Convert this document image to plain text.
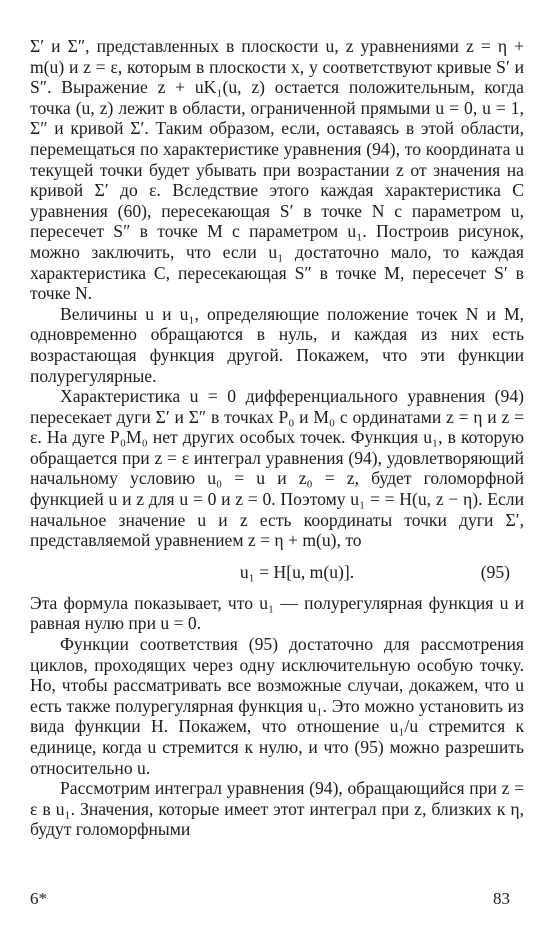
Σ′ и Σ″, представленных в плоскости u, z уравнениями z = η + m(u) и z = ε, которым в плоскости x, y соответствуют кривые S′ и S″. Выражение z + uK₁(u, z) остается положительным, когда точка (u, z) лежит в области, ограниченной прямыми u = 0, u = 1, Σ″ и кривой Σ′. Таким образом, если, оставаясь в этой области, перемещаться по характеристике уравнения (94), то координата u текущей точки будет убывать при возрастании z от значения на кривой Σ′ до ε. Вследствие этого каждая характеристика C уравнения (60), пересекающая S′ в точке N с параметром u, пересечет S″ в точке M с параметром u₁. Построив рисунок, можно заключить, что если u₁ достаточно мало, то каждая характеристика C, пересекающая S″ в точке M, пересечет S′ в точке N.

Величины u и u₁, определяющие положение точек N и M, одновременно обращаются в нуль, и каждая из них есть возрастающая функция другой. Покажем, что эти функции полурегулярные.

Характеристика u = 0 дифференциального уравнения (94) пересекает дуги Σ′ и Σ″ в точках P₀ и M₀ с ординатами z = η и z = ε. На дуге P₀M₀ нет других особых точек. Функция u₁, в которую обращается при z = ε интеграл уравнения (94), удовлетворяющий начальному условию u₀ = u и z₀ = z, будет голоморфной функцией u и z для u = 0 и z = 0. Поэтому u₁ = = H(u, z − η). Если начальное значение u и z есть координаты точки дуги Σ′, представляемой уравнением z = η + m(u), то

u₁ = H[u, m(u)].	(95)

Эта формула показывает, что u₁ — полурегулярная функция u и равная нулю при u = 0.

Функции соответствия (95) достаточно для рассмотрения циклов, проходящих через одну исключительную особую точку. Но, чтобы рассматривать все возможные случаи, докажем, что u есть также полурегулярная функция u₁. Это можно установить из вида функции H. Покажем, что отношение u₁/u стремится к единице, когда u стремится к нулю, и что (95) можно разрешить относительно u.

Рассмотрим интеграл уравнения (94), обращающийся при z = ε в u₁. Значения, которые имеет этот интеграл при z, близких к η, будут голоморфными

6*	83
